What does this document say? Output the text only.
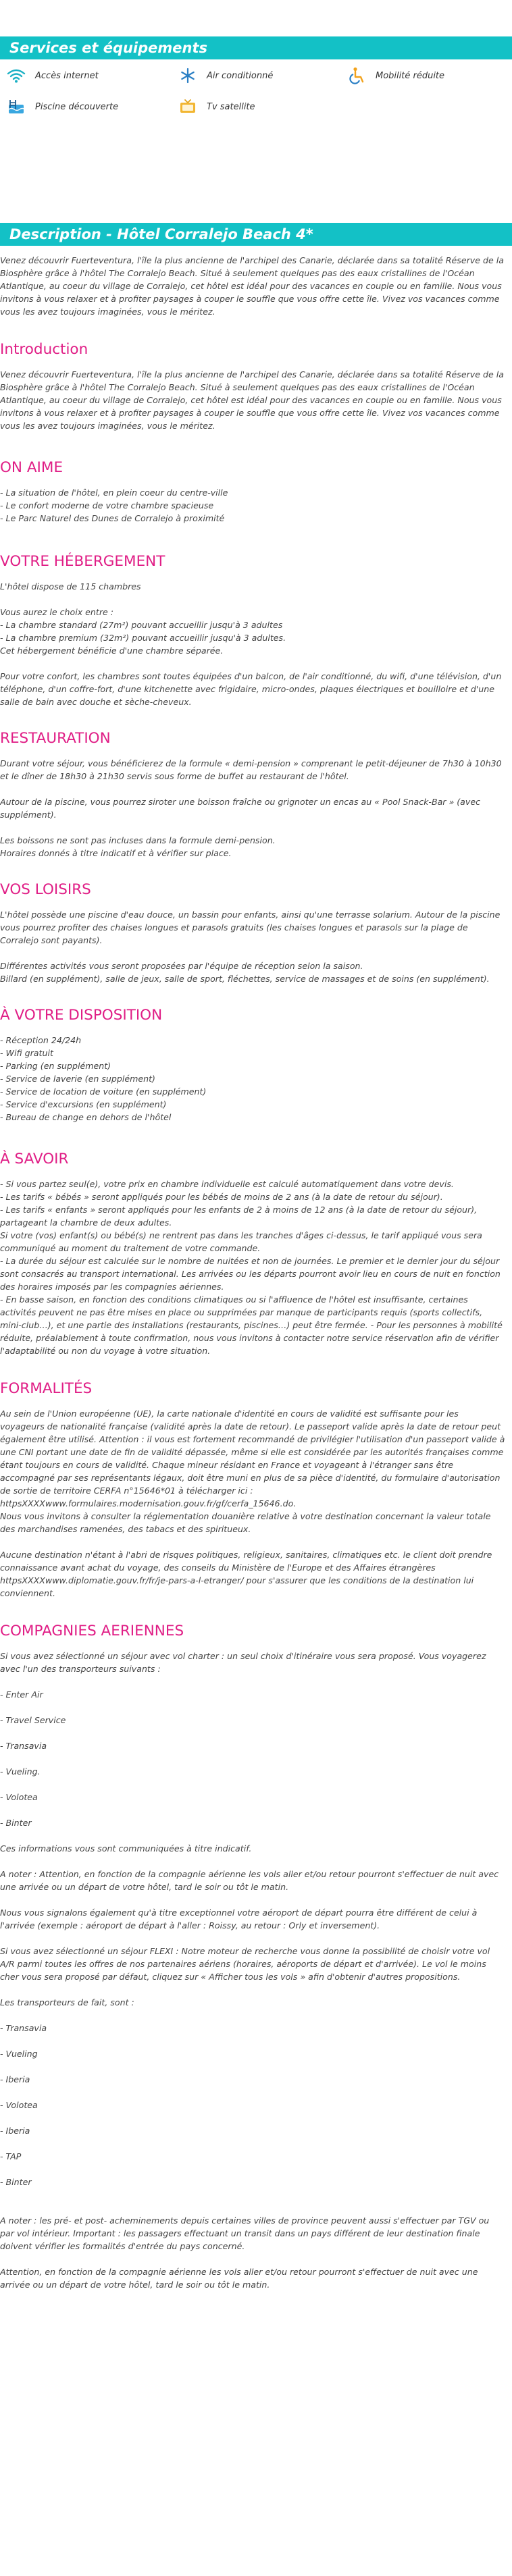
Services et équipements
Accès internet	Air conditionné	Mobilité réduite
Piscine découverte	Tv satellite
Description - Hôtel Corralejo Beach 4*

Venez découvrir Fuerteventura, l'île la plus ancienne de l'archipel des Canarie, déclarée dans sa totalité Réserve de la Biosphère grâce à l'hôtel The Corralejo Beach. Situé à seulement quelques pas des eaux cristallines de l'Océan Atlantique, au coeur du village de Corralejo, cet hôtel est idéal pour des vacances en couple ou en famille. Nous vous invitons à vous relaxer et à profiter paysages à couper le souffle que vous offre cette île. Vivez vos vacances comme vous les avez toujours imaginées, vous le méritez.

Introduction

Venez découvrir Fuerteventura, l'île la plus ancienne de l'archipel des Canarie, déclarée dans sa totalité Réserve de la Biosphère grâce à l'hôtel The Corralejo Beach. Situé à seulement quelques pas des eaux cristallines de l'Océan Atlantique, au coeur du village de Corralejo, cet hôtel est idéal pour des vacances en couple ou en famille. Nous vous invitons à vous relaxer et à profiter paysages à couper le souffle que vous offre cette île. Vivez vos vacances comme vous les avez toujours imaginées, vous le méritez.

ON AIME

- La situation de l'hôtel, en plein coeur du centre-ville
- Le confort moderne de votre chambre spacieuse
- Le Parc Naturel des Dunes de Corralejo à proximité

VOTRE HÉBERGEMENT

L'hôtel dispose de 115 chambres

Vous aurez le choix entre :
- La chambre standard (27m²) pouvant accueillir jusqu'à 3 adultes
- La chambre premium (32m²) pouvant accueillir jusqu'à 3 adultes.
Cet hébergement bénéficie d'une chambre séparée.

Pour votre confort, les chambres sont toutes équipées d'un balcon, de l'air conditionné, du wifi, d'une télévision, d'un téléphone, d'un coffre-fort, d'une kitchenette avec frigidaire, micro-ondes, plaques électriques et bouilloire et d'une salle de bain avec douche et sèche-cheveux.

RESTAURATION

Durant votre séjour, vous bénéficierez de la formule « demi-pension » comprenant le petit-déjeuner de 7h30 à 10h30 et le dîner de 18h30 à 21h30 servis sous forme de buffet au restaurant de l'hôtel.

Autour de la piscine, vous pourrez siroter une boisson fraîche ou grignoter un encas au « Pool Snack-Bar » (avec supplément).

Les boissons ne sont pas incluses dans la formule demi-pension.
Horaires donnés à titre indicatif et à vérifier sur place.

VOS LOISIRS

L'hôtel possède une piscine d'eau douce, un bassin pour enfants, ainsi qu'une terrasse solarium. Autour de la piscine vous pourrez profiter des chaises longues et parasols gratuits (les chaises longues et parasols sur la plage de Corralejo sont payants).

Différentes activités vous seront proposées par l'équipe de réception selon la saison.
Billard (en supplément), salle de jeux, salle de sport, fléchettes, service de massages et de soins (en supplément).

À VOTRE DISPOSITION

- Réception 24/24h
- Wifi gratuit
- Parking (en supplément)
- Service de laverie (en supplément)
- Service de location de voiture (en supplément)
- Service d'excursions (en supplément)
- Bureau de change en dehors de l'hôtel

À SAVOIR

- Si vous partez seul(e), votre prix en chambre individuelle est calculé automatiquement dans votre devis.
- Les tarifs « bébés » seront appliqués pour les bébés de moins de 2 ans (à la date de retour du séjour).
- Les tarifs « enfants » seront appliqués pour les enfants de 2 à moins de 12 ans (à la date de retour du séjour), partageant la chambre de deux adultes.
Si votre (vos) enfant(s) ou bébé(s) ne rentrent pas dans les tranches d'âges ci-dessus, le tarif appliqué vous sera communiqué au moment du traitement de votre commande.
- La durée du séjour est calculée sur le nombre de nuitées et non de journées. Le premier et le dernier jour du séjour sont consacrés au transport international. Les arrivées ou les départs pourront avoir lieu en cours de nuit en fonction des horaires imposés par les compagnies aériennes.
- En basse saison, en fonction des conditions climatiques ou si l'affluence de l'hôtel est insuffisante, certaines activités peuvent ne pas être mises en place ou supprimées par manque de participants requis (sports collectifs, mini-club…), et une partie des installations (restaurants, piscines…) peut être fermée. - Pour les personnes à mobilité réduite, préalablement à toute confirmation, nous vous invitons à contacter notre service réservation afin de vérifier l'adaptabilité ou non du voyage à votre situation.

FORMALITÉS

Au sein de l'Union européenne (UE), la carte nationale d'identité en cours de validité est suffisante pour les voyageurs de nationalité française (validité après la date de retour). Le passeport valide après la date de retour peut également être utilisé. Attention : il vous est fortement recommandé de privilégier l'utilisation d'un passeport valide à une CNI portant une date de fin de validité dépassée, même si elle est considérée par les autorités françaises comme étant toujours en cours de validité. Chaque mineur résidant en France et voyageant à l'étranger sans être accompagné par ses représentants légaux, doit être muni en plus de sa pièce d'identité, du formulaire d'autorisation de sortie de territoire CERFA n°15646*01 à télécharger ici : httpsXXXXwww.formulaires.modernisation.gouv.fr/gf/cerfa_15646.do.
Nous vous invitons à consulter la réglementation douanière relative à votre destination concernant la valeur totale des marchandises ramenées, des tabacs et des spiritueux.

Aucune destination n'étant à l'abri de risques politiques, religieux, sanitaires, climatiques etc. le client doit prendre connaissance avant achat du voyage, des conseils du Ministère de l'Europe et des Affaires étrangères httpsXXXXwww.diplomatie.gouv.fr/fr/je-pars-a-l-etranger/ pour s'assurer que les conditions de la destination lui conviennent.

COMPAGNIES AERIENNES

Si vous avez sélectionné un séjour avec vol charter : un seul choix d'itinéraire vous sera proposé. Vous voyagerez avec l'un des transporteurs suivants :

- Enter Air

- Travel Service

- Transavia

- Vueling.

- Volotea

- Binter

Ces informations vous sont communiquées à titre indicatif.

A noter : Attention, en fonction de la compagnie aérienne les vols aller et/ou retour pourront s'effectuer de nuit avec une arrivée ou un départ de votre hôtel, tard le soir ou tôt le matin.

Nous vous signalons également qu'à titre exceptionnel votre aéroport de départ pourra être différent de celui à l'arrivée (exemple : aéroport de départ à l'aller : Roissy, au retour : Orly et inversement).

Si vous avez sélectionné un séjour FLEXI : Notre moteur de recherche vous donne la possibilité de choisir votre vol A/R parmi toutes les offres de nos partenaires aériens (horaires, aéroports de départ et d'arrivée). Le vol le moins cher vous sera proposé par défaut, cliquez sur « Afficher tous les vols » afin d'obtenir d'autres propositions.

Les transporteurs de fait, sont :

- Transavia

- Vueling

- Iberia

- Volotea

- Iberia

- TAP

- Binter

A noter : les pré- et post- acheminements depuis certaines villes de province peuvent aussi s'effectuer par TGV ou par vol intérieur. Important : les passagers effectuant un transit dans un pays différent de leur destination finale doivent vérifier les formalités d'entrée du pays concerné.

Attention, en fonction de la compagnie aérienne les vols aller et/ou retour pourront s'effectuer de nuit avec une arrivée ou un départ de votre hôtel, tard le soir ou tôt le matin.
